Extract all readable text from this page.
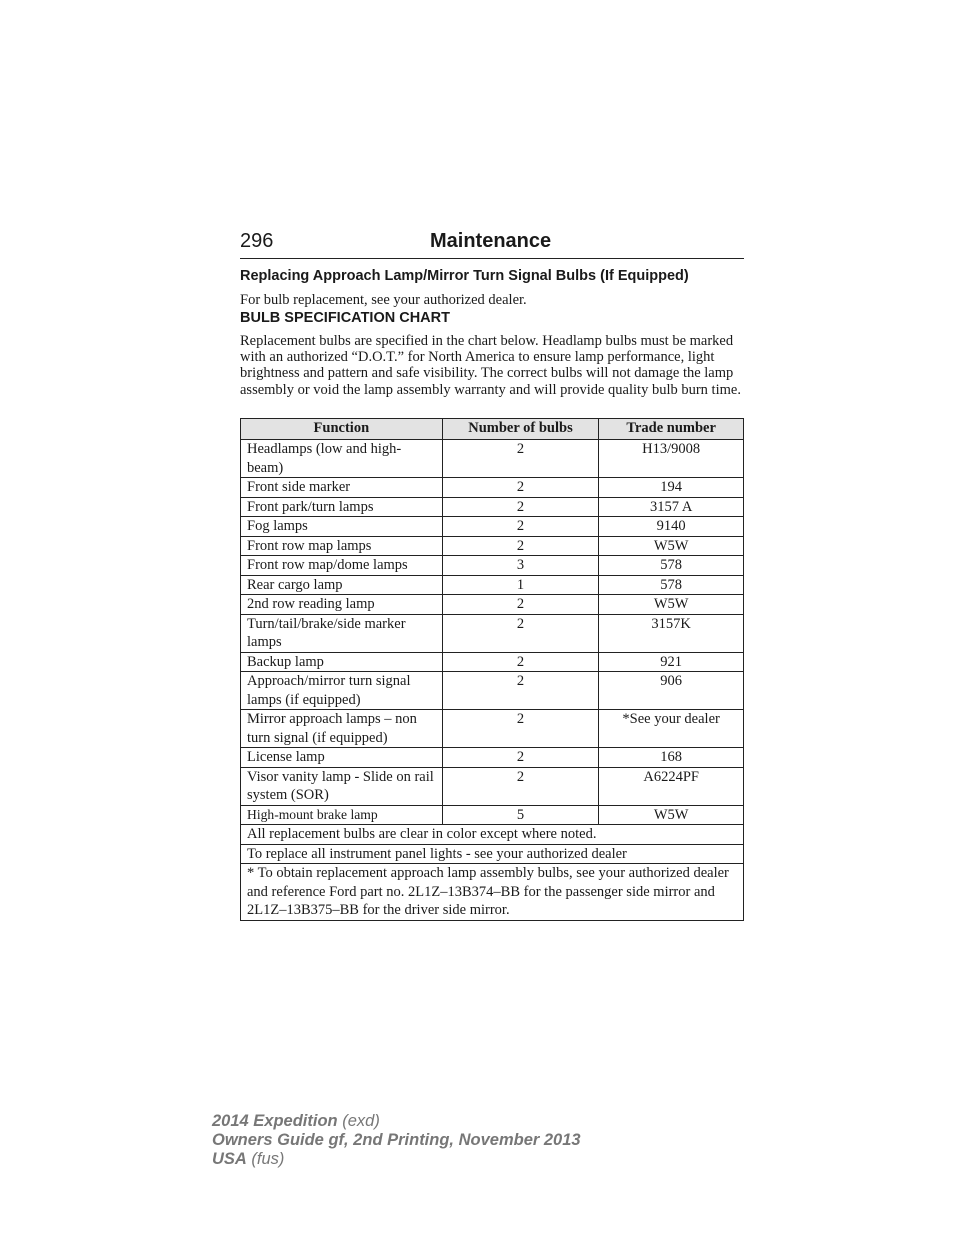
296	Maintenance
Replacing Approach Lamp/Mirror Turn Signal Bulbs (If Equipped)
For bulb replacement, see your authorized dealer.
BULB SPECIFICATION CHART
Replacement bulbs are specified in the chart below. Headlamp bulbs must be marked with an authorized “D.O.T.” for North America to ensure lamp performance, light brightness and pattern and safe visibility. The correct bulbs will not damage the lamp assembly or void the lamp assembly warranty and will provide quality bulb burn time.
Function	Number of bulbs	Trade number
Headlamps (low and high-beam)	2	H13/9008
Front side marker	2	194
Front park/turn lamps	2	3157 A
Fog lamps	2	9140
Front row map lamps	2	W5W
Front row map/dome lamps	3	578
Rear cargo lamp	1	578
2nd row reading lamp	2	W5W
Turn/tail/brake/side marker lamps	2	3157K
Backup lamp	2	921
Approach/mirror turn signal lamps (if equipped)	2	906
Mirror approach lamps – non turn signal (if equipped)	2	*See your dealer
License lamp	2	168
Visor vanity lamp - Slide on rail system (SOR)	2	A6224PF
High-mount brake lamp	5	W5W
All replacement bulbs are clear in color except where noted.		
To replace all instrument panel lights - see your authorized dealer		
* To obtain replacement approach lamp assembly bulbs, see your authorized dealer and reference Ford part no. 2L1Z–13B374–BB for the passenger side mirror and 2L1Z–13B375–BB for the driver side mirror.		
2014 Expedition (exd)
Owners Guide gf, 2nd Printing, November 2013
USA (fus)
